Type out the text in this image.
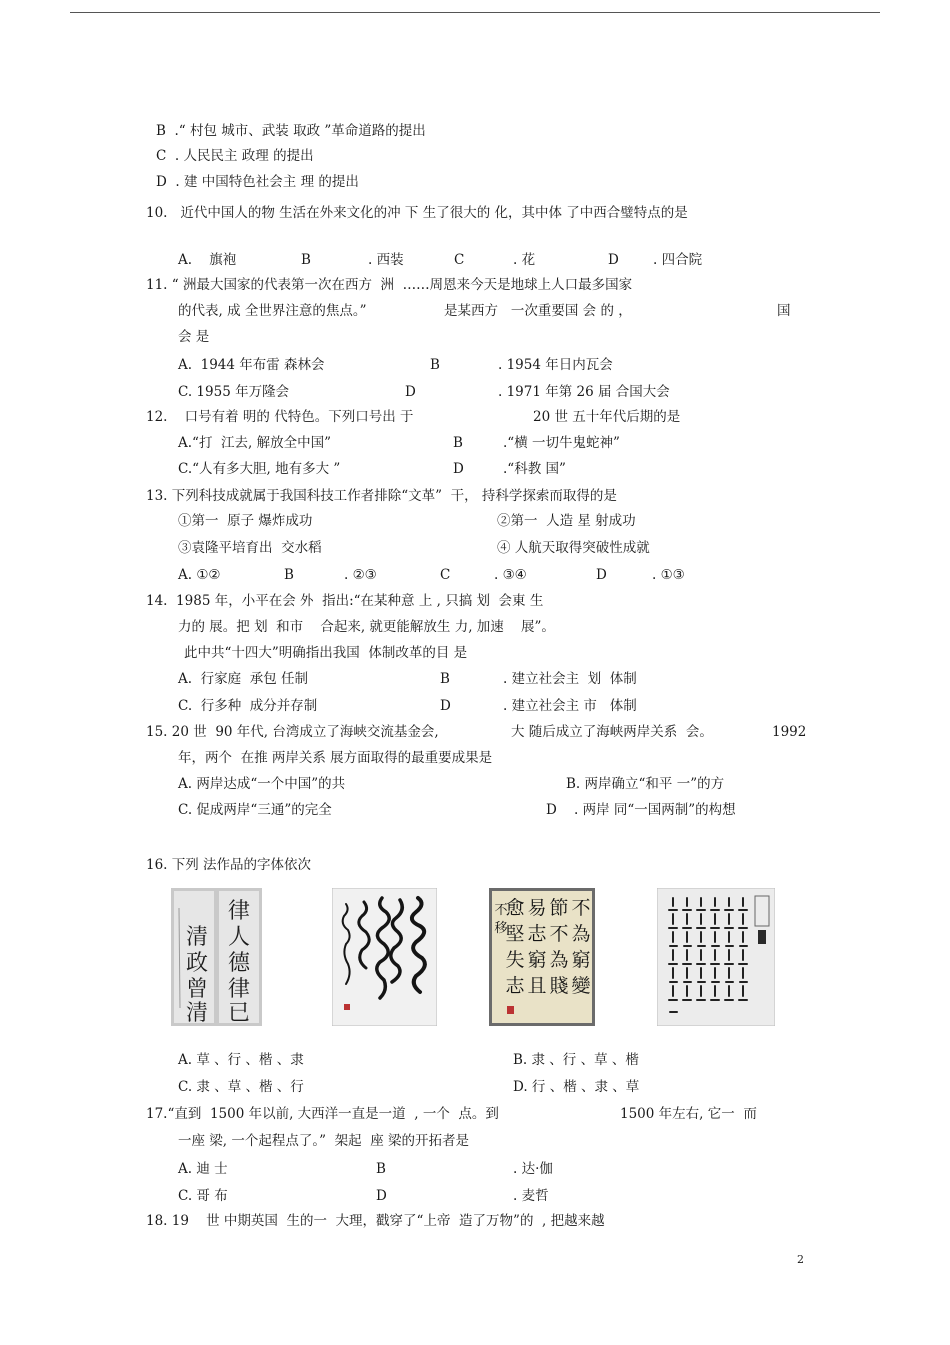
B  .“ 村包 城市、武装 取政 ”革命道路的提出
C  . 人民民主 政理 的提出
D  . 建 中国特色社会主 理 的提出
10.   近代中国人的物 生活在外来文化的冲 下 生了很大的 化，其中体 了中西合璧特点的是
A.    旗袍	B	. 西装	C	. 花	D	. 四合院
11. “ 洲最大国家的代表第一次在西方  洲  ……周恩来今天是地球上人口最多国家
的代表, 成 全世界注意的焦点。”	是某西方   一次重要国 会 的 ，	国
会 是
A.  1944 年布雷 森林会	B	. 1954 年日内瓦会
C. 1955 年万隆会	D	. 1971 年第 26 届 合国大会
12.    口号有着 明的 代特色。下列口号出 于	20 世 五十年代后期的是
A.“打  江去, 解放全中国”	B	.“横 一切牛鬼蛇神”
C.“人有多大胆, 地有多大 ”	D	.“科教 国”
13. 下列科技成就属于我国科技工作者排除“文革”  干， 持科学探索而取得的是
①第一  原子 爆炸成功	②第一  人造 星 射成功
③袁隆平培育出  交水稻	④ 人航天取得突破性成就
A. ①②	B	. ②③	C	. ③④	D	. ①③
14.  1985 年，小平在会 外  指出:“在某种意 上 , 只搞 划  会東 生
力的 展。把 划  和市    合起来, 就更能解放生 力, 加速    展”。
此中共“十四大”明确指出我国  体制改革的目 是
A.  行家庭  承包 任制	B	. 建立社会主  划  体制
C.  行多种  成分并存制	D	. 建立社会主 市   体制
15. 20 世  90 年代, 台湾成立了海峡交流基金会,	大 随后成立了海峡两岸关系  会。	1992
年，两个  在推 两岸关系 展方面取得的最重要成果是
A. 两岸达成“一个中国”的共	B. 两岸确立“和平 一”的方
C. 促成两岸“三通”的完全	D . 两岸 同“一国两制”的构想
16. 下列 法作品的字体依次
律
人
德
律
已
清
政
曾
清
不
為
窮
變
節
不
為
賤
易
志
窮
且
愈
堅
失
志
不
移
A. 草 、行 、楷 、隶	B. 隶 、行 、草 、楷
C. 隶 、草 、楷 、行	D. 行 、楷 、隶 、草
17.“直到  1500 年以前, 大西洋一直是一道  , 一个  点。到	1500 年左右, 它一  而
一座 梁, 一个起程点了。”  架起  座 梁的开拓者是
A. 迪 士	B	. 达·伽
C. 哥 布	D	. 麦哲
18. 19    世 中期英国  生的一  大理，戳穿了“上帝  造了万物”的  , 把越来越
2
